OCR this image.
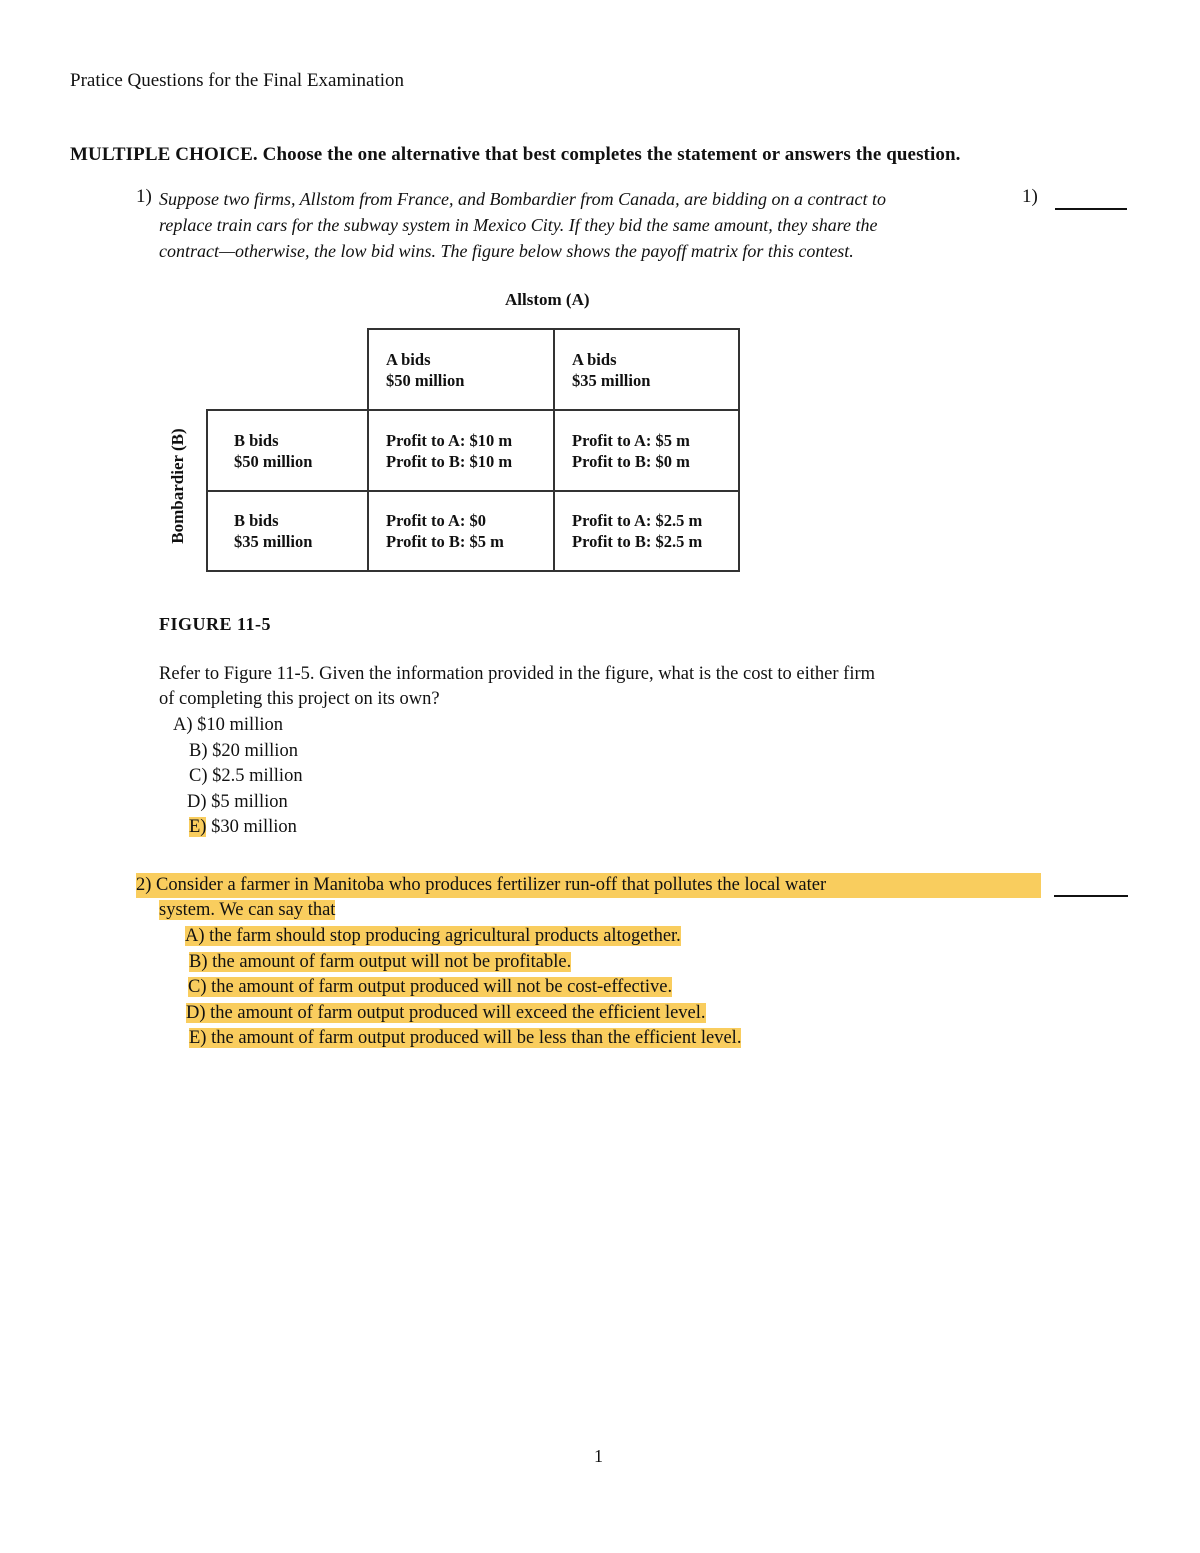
Pratice Questions for the Final Examination
MULTIPLE CHOICE. Choose the one alternative that best completes the statement or answers the question.
1)	1)
Suppose two firms, Allstom from France, and Bombardier from Canada, are bidding on a contract to
replace train cars for the subway system in Mexico City. If they bid the same amount, they share the
contract—otherwise, the low bid wins. The figure below shows the payoff matrix for this contest.
Allstom (A)
Bombardier (B)
A bids
$50 million
A bids
$35 million
B bids
$50 million
Profit to A: $10 m
Profit to B: $10 m
Profit to A: $5 m
Profit to B: $0 m
B bids
$35 million
Profit to A: $0
Profit to B: $5 m
Profit to A: $2.5 m
Profit to B: $2.5 m
FIGURE 11-5
Refer to Figure 11-5. Given the information provided in the figure, what is the cost to either firm
of completing this project on its own?
A) $10 million
B) $20 million
C) $2.5 million
D) $5 million
E) $30 million
2) Consider a farmer in Manitoba who produces fertilizer run-off that pollutes the local water
system. We can say that
A) the farm should stop producing agricultural products altogether.
B) the amount of farm output will not be profitable.
C) the amount of farm output produced will not be cost-effective.
D) the amount of farm output produced will exceed the efficient level.
E) the amount of farm output produced will be less than the efficient level.
1
